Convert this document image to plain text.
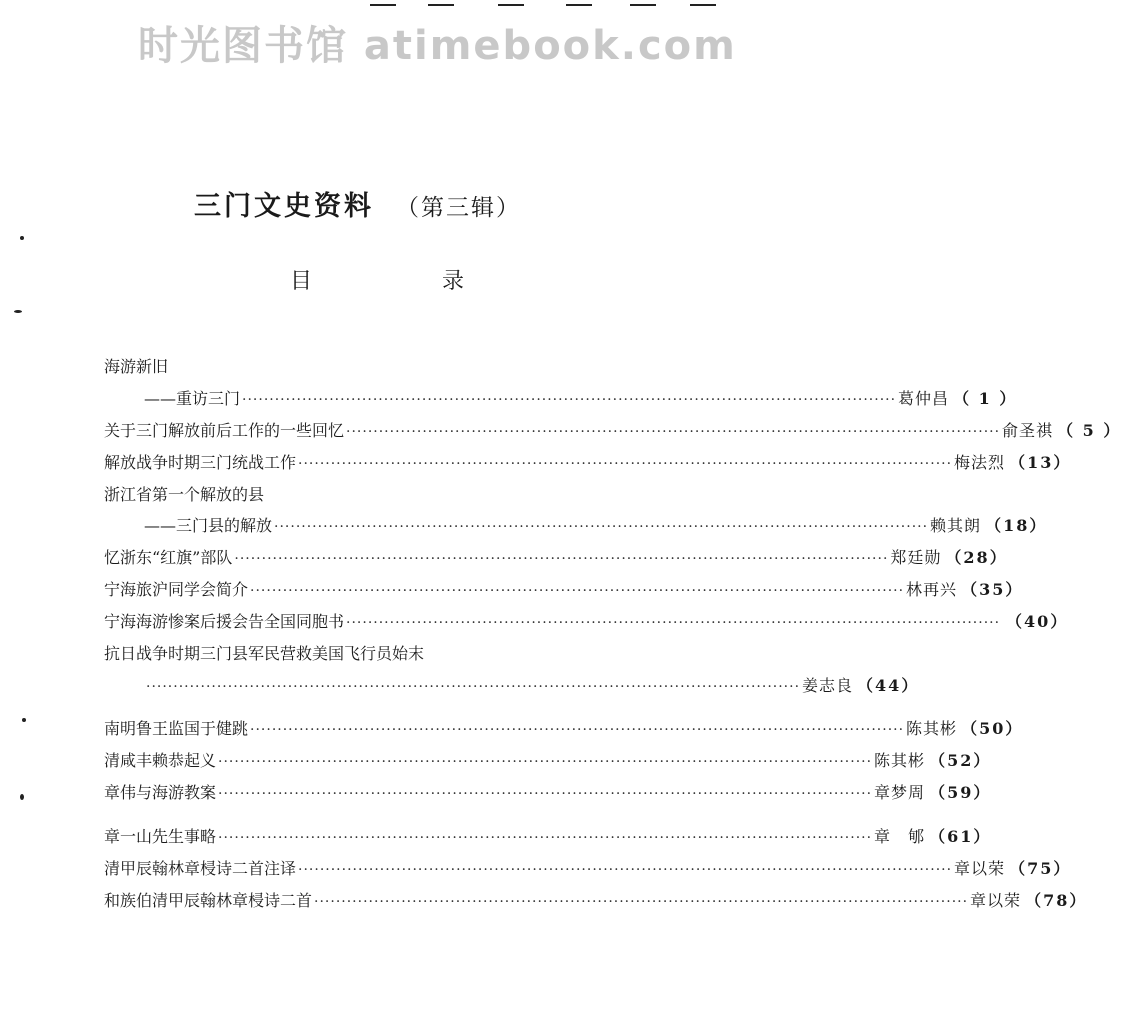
时光图书馆 atimebook.com
三门文史资料 （第三辑）
目	录
海游新旧
——重访三门 ························································································································ 葛仲昌 （ 1 ）
关于三门解放前后工作的一些回忆 ························································································································ 俞圣祺 （ 5 ）
解放战争时期三门统战工作 ························································································································ 梅法烈 （13）
浙江省第一个解放的县
——三门县的解放 ························································································································ 赖其朗 （18）
忆浙东“红旗”部队 ························································································································ 郑廷勋 （28）
宁海旅沪同学会简介 ························································································································ 林再兴 （35）
宁海海游惨案后援会告全国同胞书 ························································································································ （40）
抗日战争时期三门县军民营救美国飞行员始末
························································································································ 姜志良 （44）
南明鲁王监国于健跳 ························································································································ 陈其彬 （50）
清咸丰赖恭起义 ························································································································ 陈其彬 （52）
章伟与海游教案 ························································································································ 章梦周 （59）
章一山先生事略 ························································································································ 章　郇 （61）
清甲辰翰林章梫诗二首注译 ························································································································ 章以荣 （75）
和族伯清甲辰翰林章梫诗二首 ························································································································ 章以荣 （78）
